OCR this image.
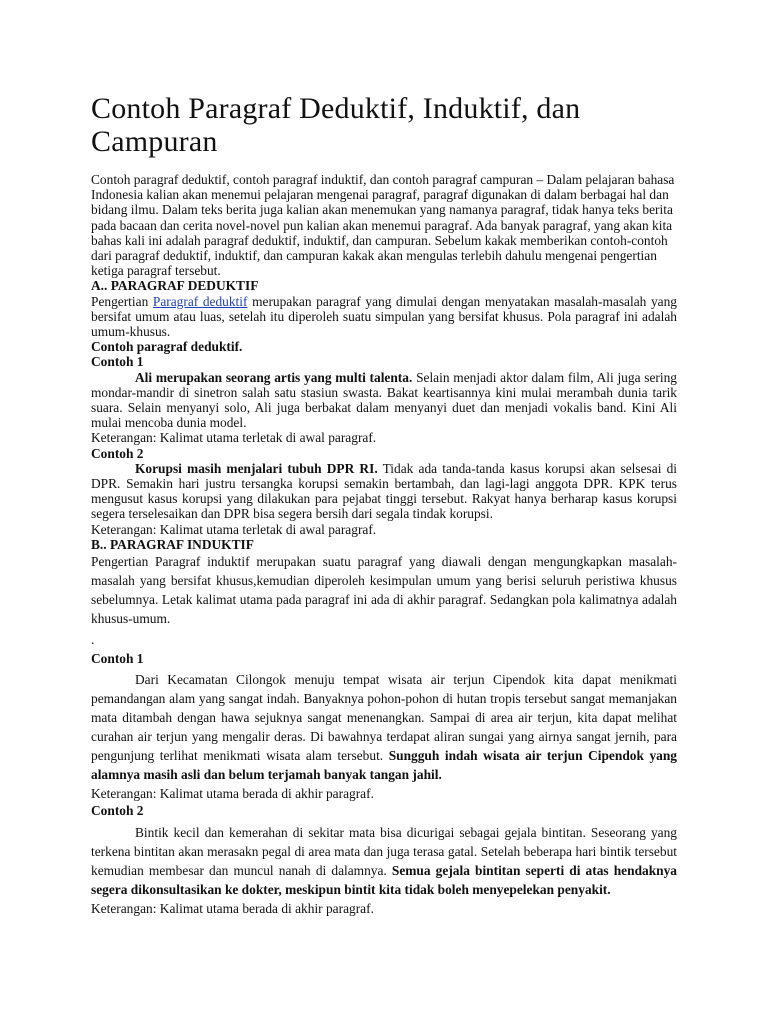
Contoh Paragraf Deduktif, Induktif, dan Campuran

Contoh paragraf deduktif, contoh paragraf induktif, dan contoh paragraf campuran – Dalam pelajaran bahasa Indonesia kalian akan menemui pelajaran mengenai paragraf, paragraf digunakan di dalam berbagai hal dan bidang ilmu. Dalam teks berita juga kalian akan menemukan yang namanya paragraf, tidak hanya teks berita pada bacaan dan cerita novel-novel pun kalian akan menemui paragraf. Ada banyak paragraf, yang akan kita bahas kali ini adalah paragraf deduktif, induktif, dan campuran. Sebelum kakak memberikan contoh-contoh dari paragraf deduktif, induktif, dan campuran kakak akan mengulas terlebih dahulu mengenai pengertian ketiga paragraf tersebut.

A.. PARAGRAF DEDUKTIF

Pengertian Paragraf deduktif merupakan paragraf yang dimulai dengan menyatakan masalah-masalah yang bersifat umum atau luas, setelah itu diperoleh suatu simpulan yang bersifat khusus. Pola paragraf ini adalah umum-khusus.

Contoh paragraf deduktif.

Contoh 1

Ali merupakan seorang artis yang multi talenta. Selain menjadi aktor dalam film, Ali juga sering mondar-mandir di sinetron salah satu stasiun swasta. Bakat keartisannya kini mulai merambah dunia tarik suara. Selain menyanyi solo, Ali juga berbakat dalam menyanyi duet dan menjadi vokalis band. Kini Ali mulai mencoba dunia model.

Keterangan: Kalimat utama terletak di awal paragraf.

Contoh 2

Korupsi masih menjalari tubuh DPR RI. Tidak ada tanda-tanda kasus korupsi akan selsesai di DPR. Semakin hari justru tersangka korupsi semakin bertambah, dan lagi-lagi anggota DPR. KPK terus mengusut kasus korupsi yang dilakukan para pejabat tinggi tersebut. Rakyat hanya berharap kasus korupsi segera terselesaikan dan DPR bisa segera bersih dari segala tindak korupsi.

Keterangan: Kalimat utama terletak di awal paragraf.

B.. PARAGRAF INDUKTIF

Pengertian Paragraf induktif merupakan suatu paragraf yang diawali dengan mengungkapkan masalah-masalah yang bersifat khusus,kemudian diperoleh kesimpulan umum yang berisi seluruh peristiwa khusus sebelumnya. Letak kalimat utama pada paragraf ini ada di akhir paragraf. Sedangkan pola kalimatnya adalah khusus-umum.

.

Contoh 1

Dari Kecamatan Cilongok menuju tempat wisata air terjun Cipendok kita dapat menikmati pemandangan alam yang sangat indah. Banyaknya pohon-pohon di hutan tropis tersebut sangat memanjakan mata ditambah dengan hawa sejuknya sangat menenangkan. Sampai di area air terjun, kita dapat melihat curahan air terjun yang mengalir deras. Di bawahnya terdapat aliran sungai yang airnya sangat jernih, para pengunjung terlihat menikmati wisata alam tersebut. Sungguh indah wisata air terjun Cipendok yang alamnya masih asli dan belum terjamah banyak tangan jahil.

Keterangan: Kalimat utama berada di akhir paragraf.

Contoh 2

Bintik kecil dan kemerahan di sekitar mata bisa dicurigai sebagai gejala bintitan. Seseorang yang terkena bintitan akan merasakn pegal di area mata dan juga terasa gatal. Setelah beberapa hari bintik tersebut kemudian membesar dan muncul nanah di dalamnya. Semua gejala bintitan seperti di atas hendaknya segera dikonsultasikan ke dokter, meskipun bintit kita tidak boleh menyepelekan penyakit.

Keterangan: Kalimat utama berada di akhir paragraf.
